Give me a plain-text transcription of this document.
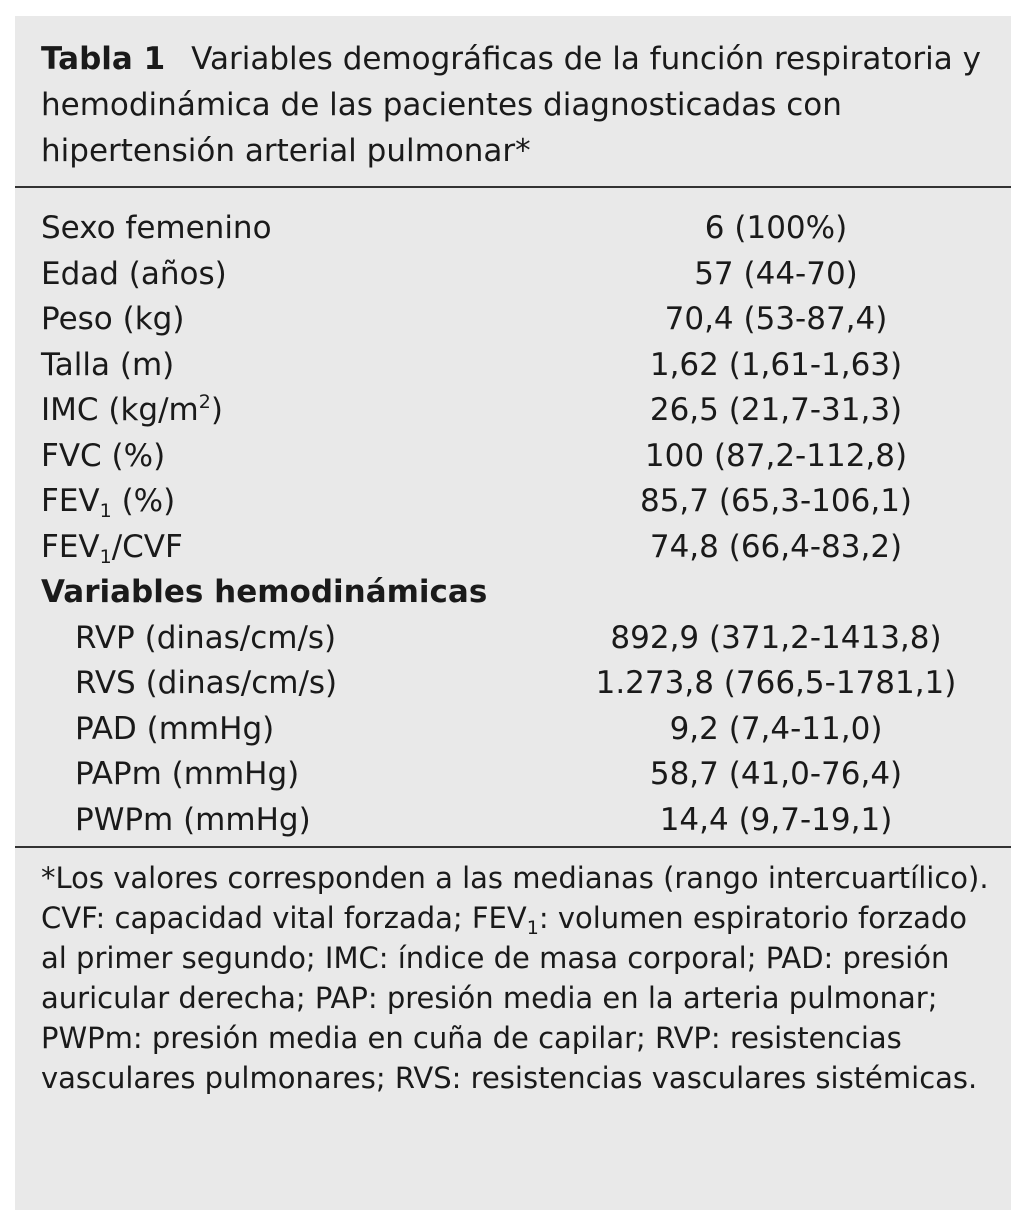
Tabla 1 Variables demográficas de la función respiratoria y hemodinámica de las pacientes diagnosticadas con hipertensión arterial pulmonar*
Sexo femenino	6 (100%)
Edad (años)	57 (44-70)
Peso (kg)	70,4 (53-87,4)
Talla (m)	1,62 (1,61-1,63)
IMC $(kg/m^2)$	26,5 (21,7-31,3)
FVC (%)	100 (87,2-112,8)
FEV1 (%)	85,7 (65,3-106,1)
FEV1/CVF	74,8 (66,4-83,2)
Variables hemodinámicas
RVP (dinas/cm/s)	892,9 (371,2-1413,8)
RVS (dinas/cm/s)	1.273,8 (766,5-1781,1)
PAD (mmHg)	9,2 (7,4-11,0)
PAPm (mmHg)	58,7 (41,0-76,4)
PWPm (mmHg)	14,4 (9,7-19,1)

*Los valores corresponden a las medianas (rango intercuartílico).

CVF: capacidad vital forzada; $FEV_1$: volumen espiratorio forzado al primer segundo; IMC: índice de masa corporal; PAD: presión auricular derecha; PAP: presión media en la arteria pulmonar; PWPm: presión media en cuña de capilar; RVP: resistencias vasculares pulmonares; RVS: resistencias vasculares sistémicas.
